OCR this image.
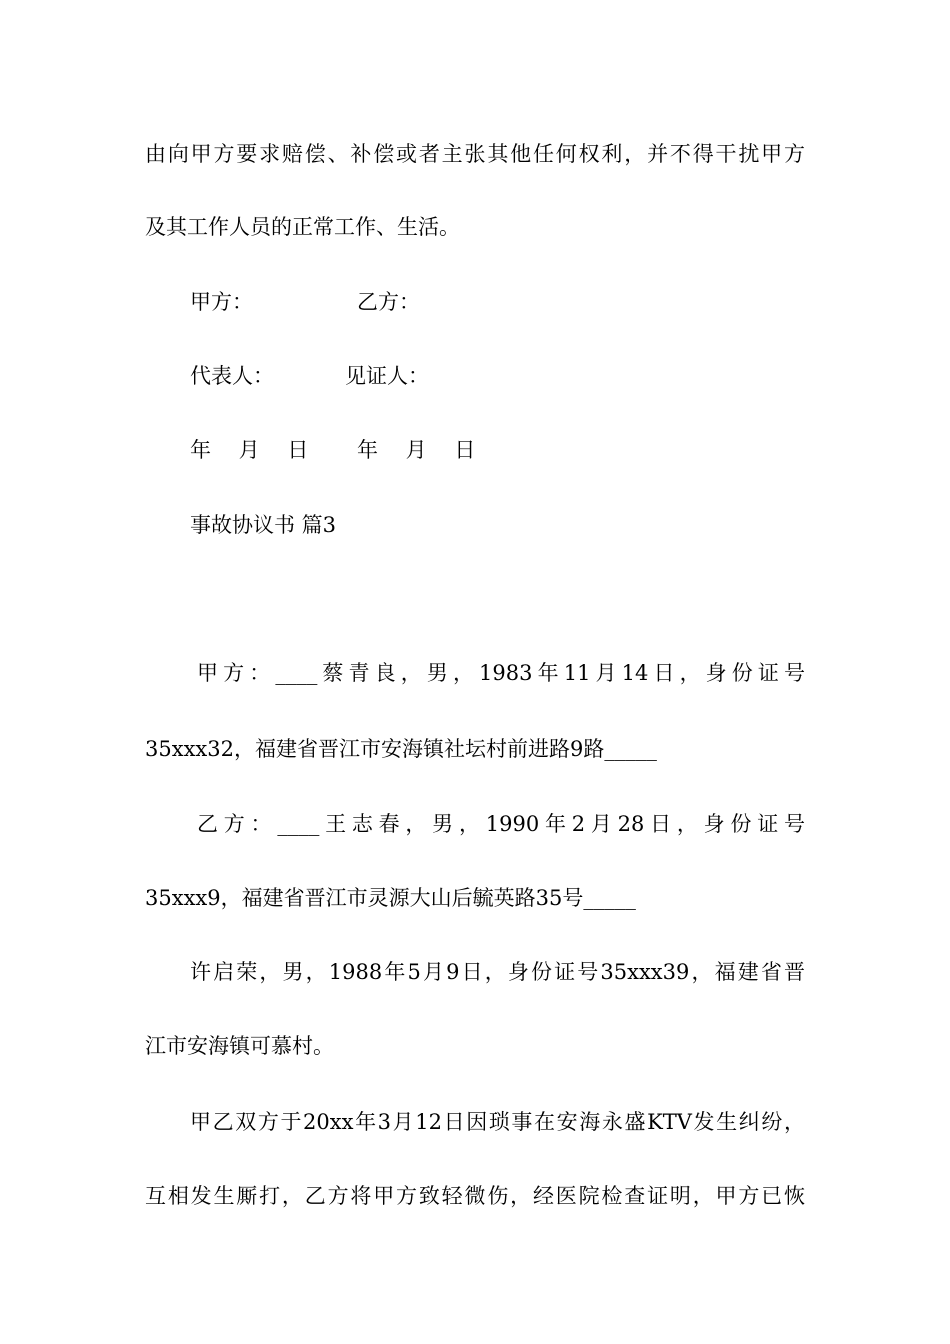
由向甲方要求赔偿、补偿或者主张其他任何权利，并不得干扰甲方
及其工作人员的正常工作、生活。
甲方：	乙方：
代表人：	见证人：
年　 月　 日 年　 月　 日
事故协议书 篇3
甲方：____蔡青良，男，1983年11月14日，身份证号
35xxx32，福建省晋江市安海镇社坛村前进路9路_____
乙方：____王志春，男，1990年2月28日，身份证号
35xxx9，福建省晋江市灵源大山后毓英路35号_____
许启荣，男，1988年5月9日，身份证号35xxx39，福建省晋
江市安海镇可慕村。
甲乙双方于20xx年3月12日因琐事在安海永盛KTV发生纠纷，
互相发生厮打，乙方将甲方致轻微伤，经医院检查证明，甲方已恢
